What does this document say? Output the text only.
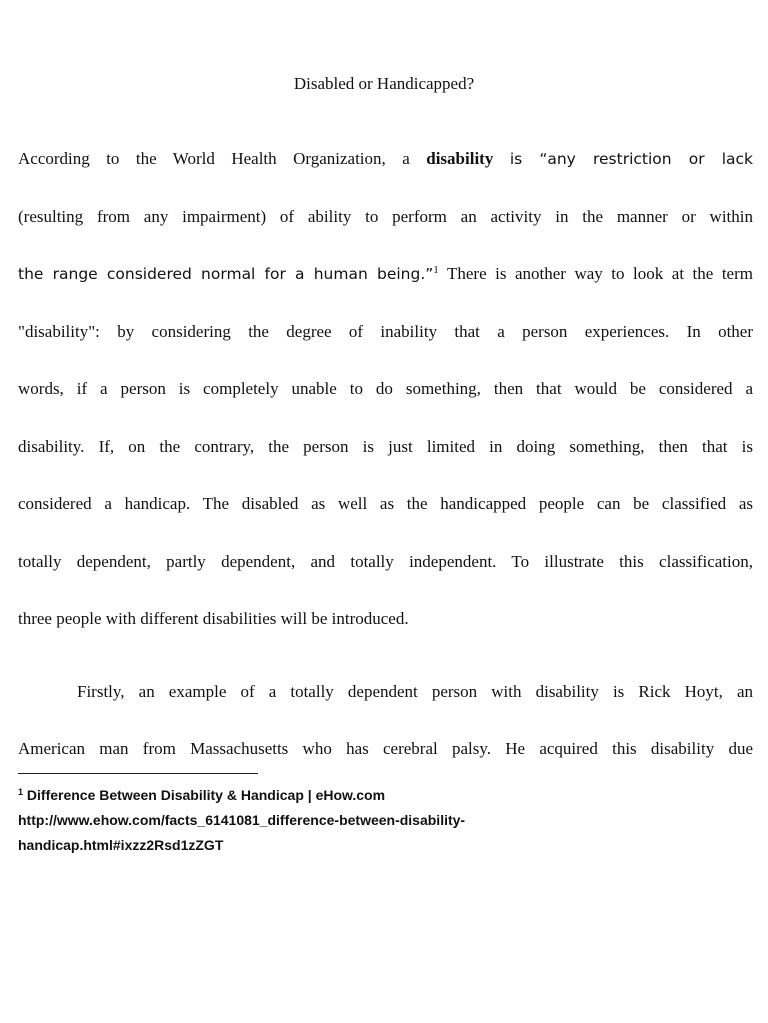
Disabled or Handicapped?
According to the World Health Organization, a disability is “any restriction or lack
(resulting from any impairment) of ability to perform an activity in the manner or within
the range considered normal for a human being.”$^1$ There is another way to look at the term
"disability": by considering the degree of inability that a person experiences. In other
words, if a person is completely unable to do something, then that would be considered a
disability. If, on the contrary, the person is just limited in doing something, then that is
considered a handicap. The disabled as well as the handicapped people can be classified as
totally dependent, partly dependent, and totally independent. To illustrate this classification,
three people with different disabilities will be introduced.
Firstly, an example of a totally dependent person with disability is Rick Hoyt, an
American man from Massachusetts who has cerebral palsy. He acquired this disability due
$^1$ Difference Between Disability & Handicap | eHow.com
http://www.ehow.com/facts_6141081_difference-between-disability-
handicap.html#ixzz2Rsd1zZGT
